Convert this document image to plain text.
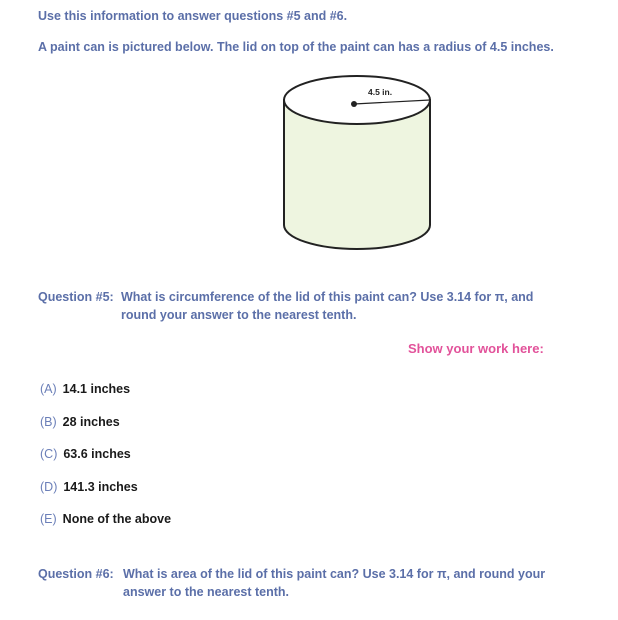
Use this information to answer questions #5 and #6.
A paint can is pictured below. The lid on top of the paint can has a radius of 4.5 inches.
4.5 in.
Question #5: What is circumference of the lid of this paint can? Use 3.14 for π, and
round your answer to the nearest tenth.
Show your work here:
(A) 14.1 inches
(B) 28 inches
(C) 63.6 inches
(D) 141.3 inches
(E) None of the above
Question #6: What is area of the lid of this paint can? Use 3.14 for π, and round your
answer to the nearest tenth.
